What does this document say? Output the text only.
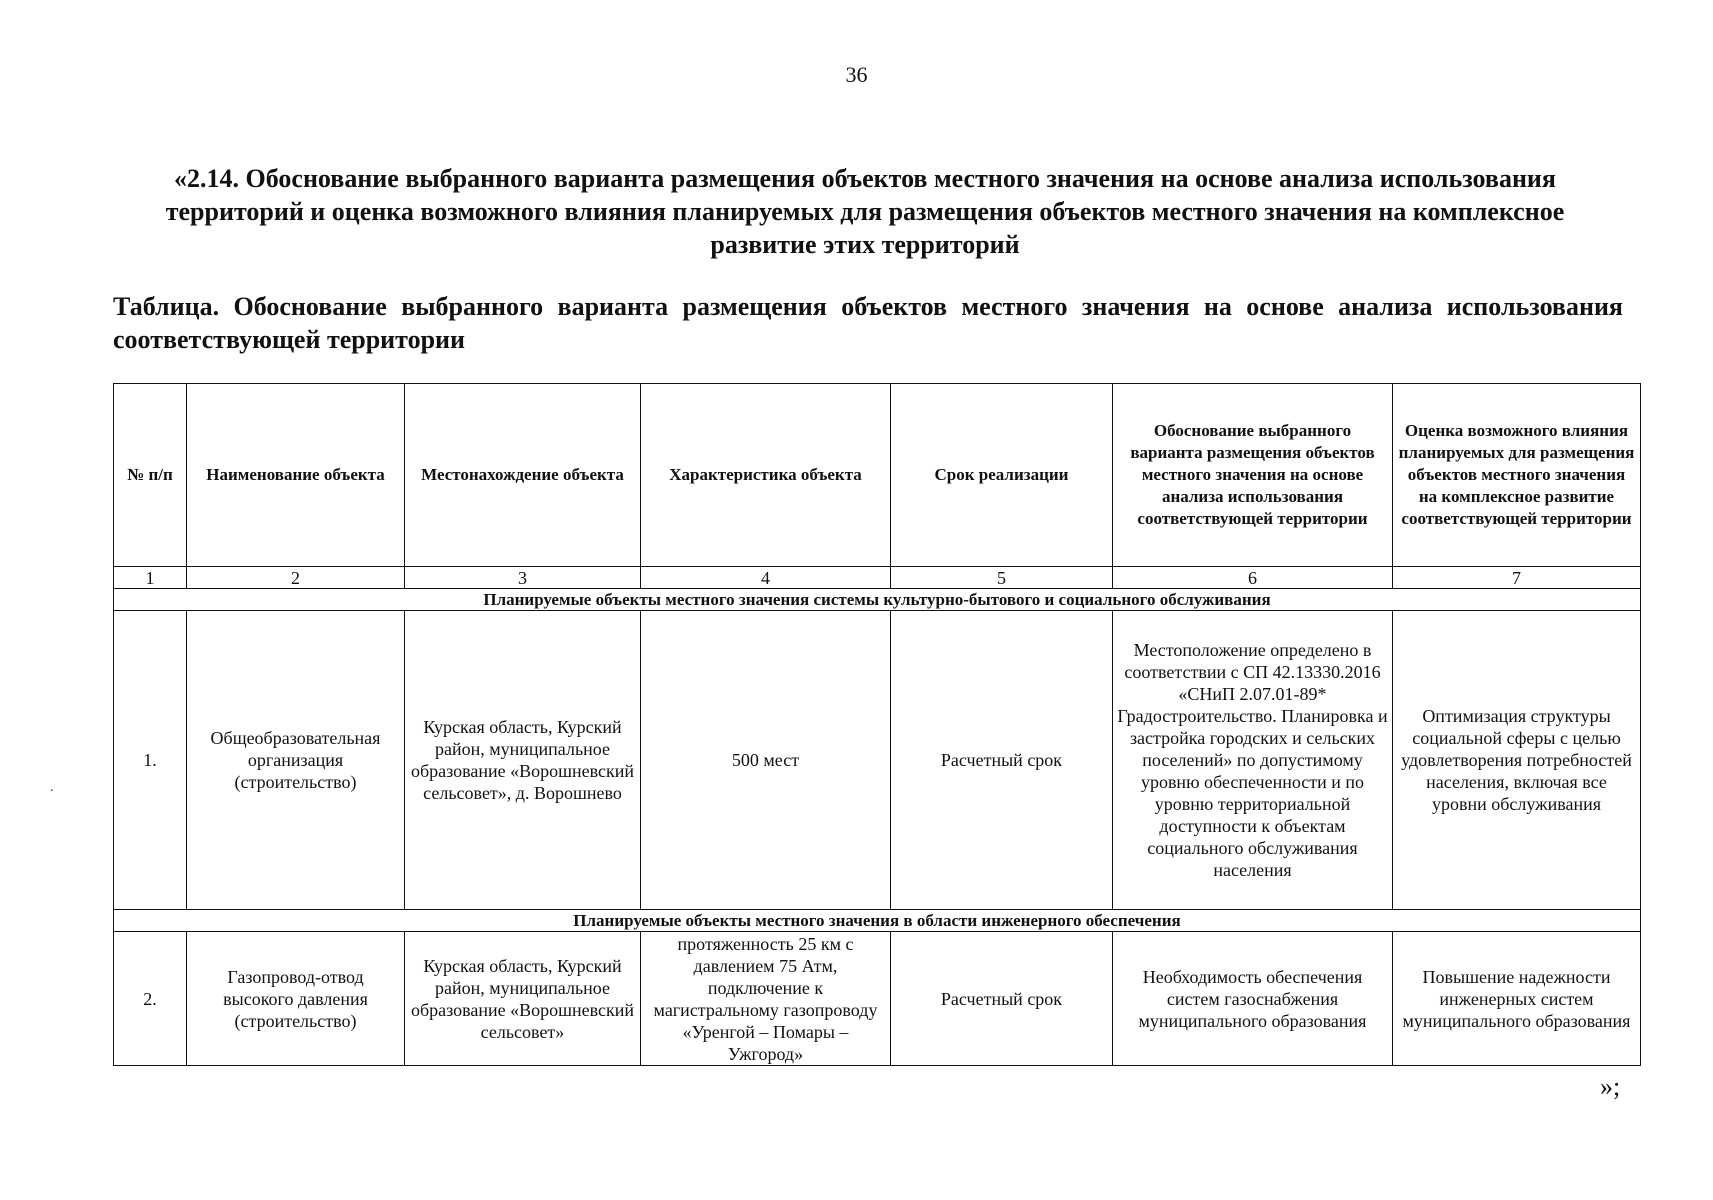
36
«2.14. Обоснование выбранного варианта размещения объектов местного значения на основе анализа использования территорий и оценка возможного влияния планируемых для размещения объектов местного значения на комплексное развитие этих территорий
Таблица. Обоснование выбранного варианта размещения объектов местного значения на основе анализа использования соответствующей территории
.
№ п/п	Наименование объекта	Местонахождение объекта	Характеристика объекта	Срок реализации	Обоснование выбранного варианта размещения объектов местного значения на основе анализа использования соответствующей территории	Оценка возможного влияния планируемых для размещения объектов местного значения на комплексное развитие соответствующей территории
1	2	3	4	5	6	7
Планируемые объекты местного значения системы культурно-бытового и социального обслуживания						
1.	Общеобразовательная организация (строительство)	Курская область, Курский район, муниципальное образование «Ворошневский сельсовет», д. Ворошнево	500 мест	Расчетный срок	Местоположение определено в соответствии с СП 42.13330.2016 «СНиП 2.07.01-89* Градостроительство. Планировка и застройка городских и сельских поселений» по допустимому уровню обеспеченности и по уровню территориальной доступности к объектам социального обслуживания населения	Оптимизация структуры социальной сферы с целью удовлетворения потребностей населения, включая все уровни обслуживания
Планируемые объекты местного значения в области инженерного обеспечения						
2.	Газопровод-отвод высокого давления (строительство)	Курская область, Курский район, муниципальное образование «Ворошневский сельсовет»	протяженность 25 км с давлением 75 Атм, подключение к магистральному газопроводу «Уренгой – Помары – Ужгород»	Расчетный срок	Необходимость обеспечения систем газоснабжения муниципального образования	Повышение надежности инженерных систем муниципального образования
»;
